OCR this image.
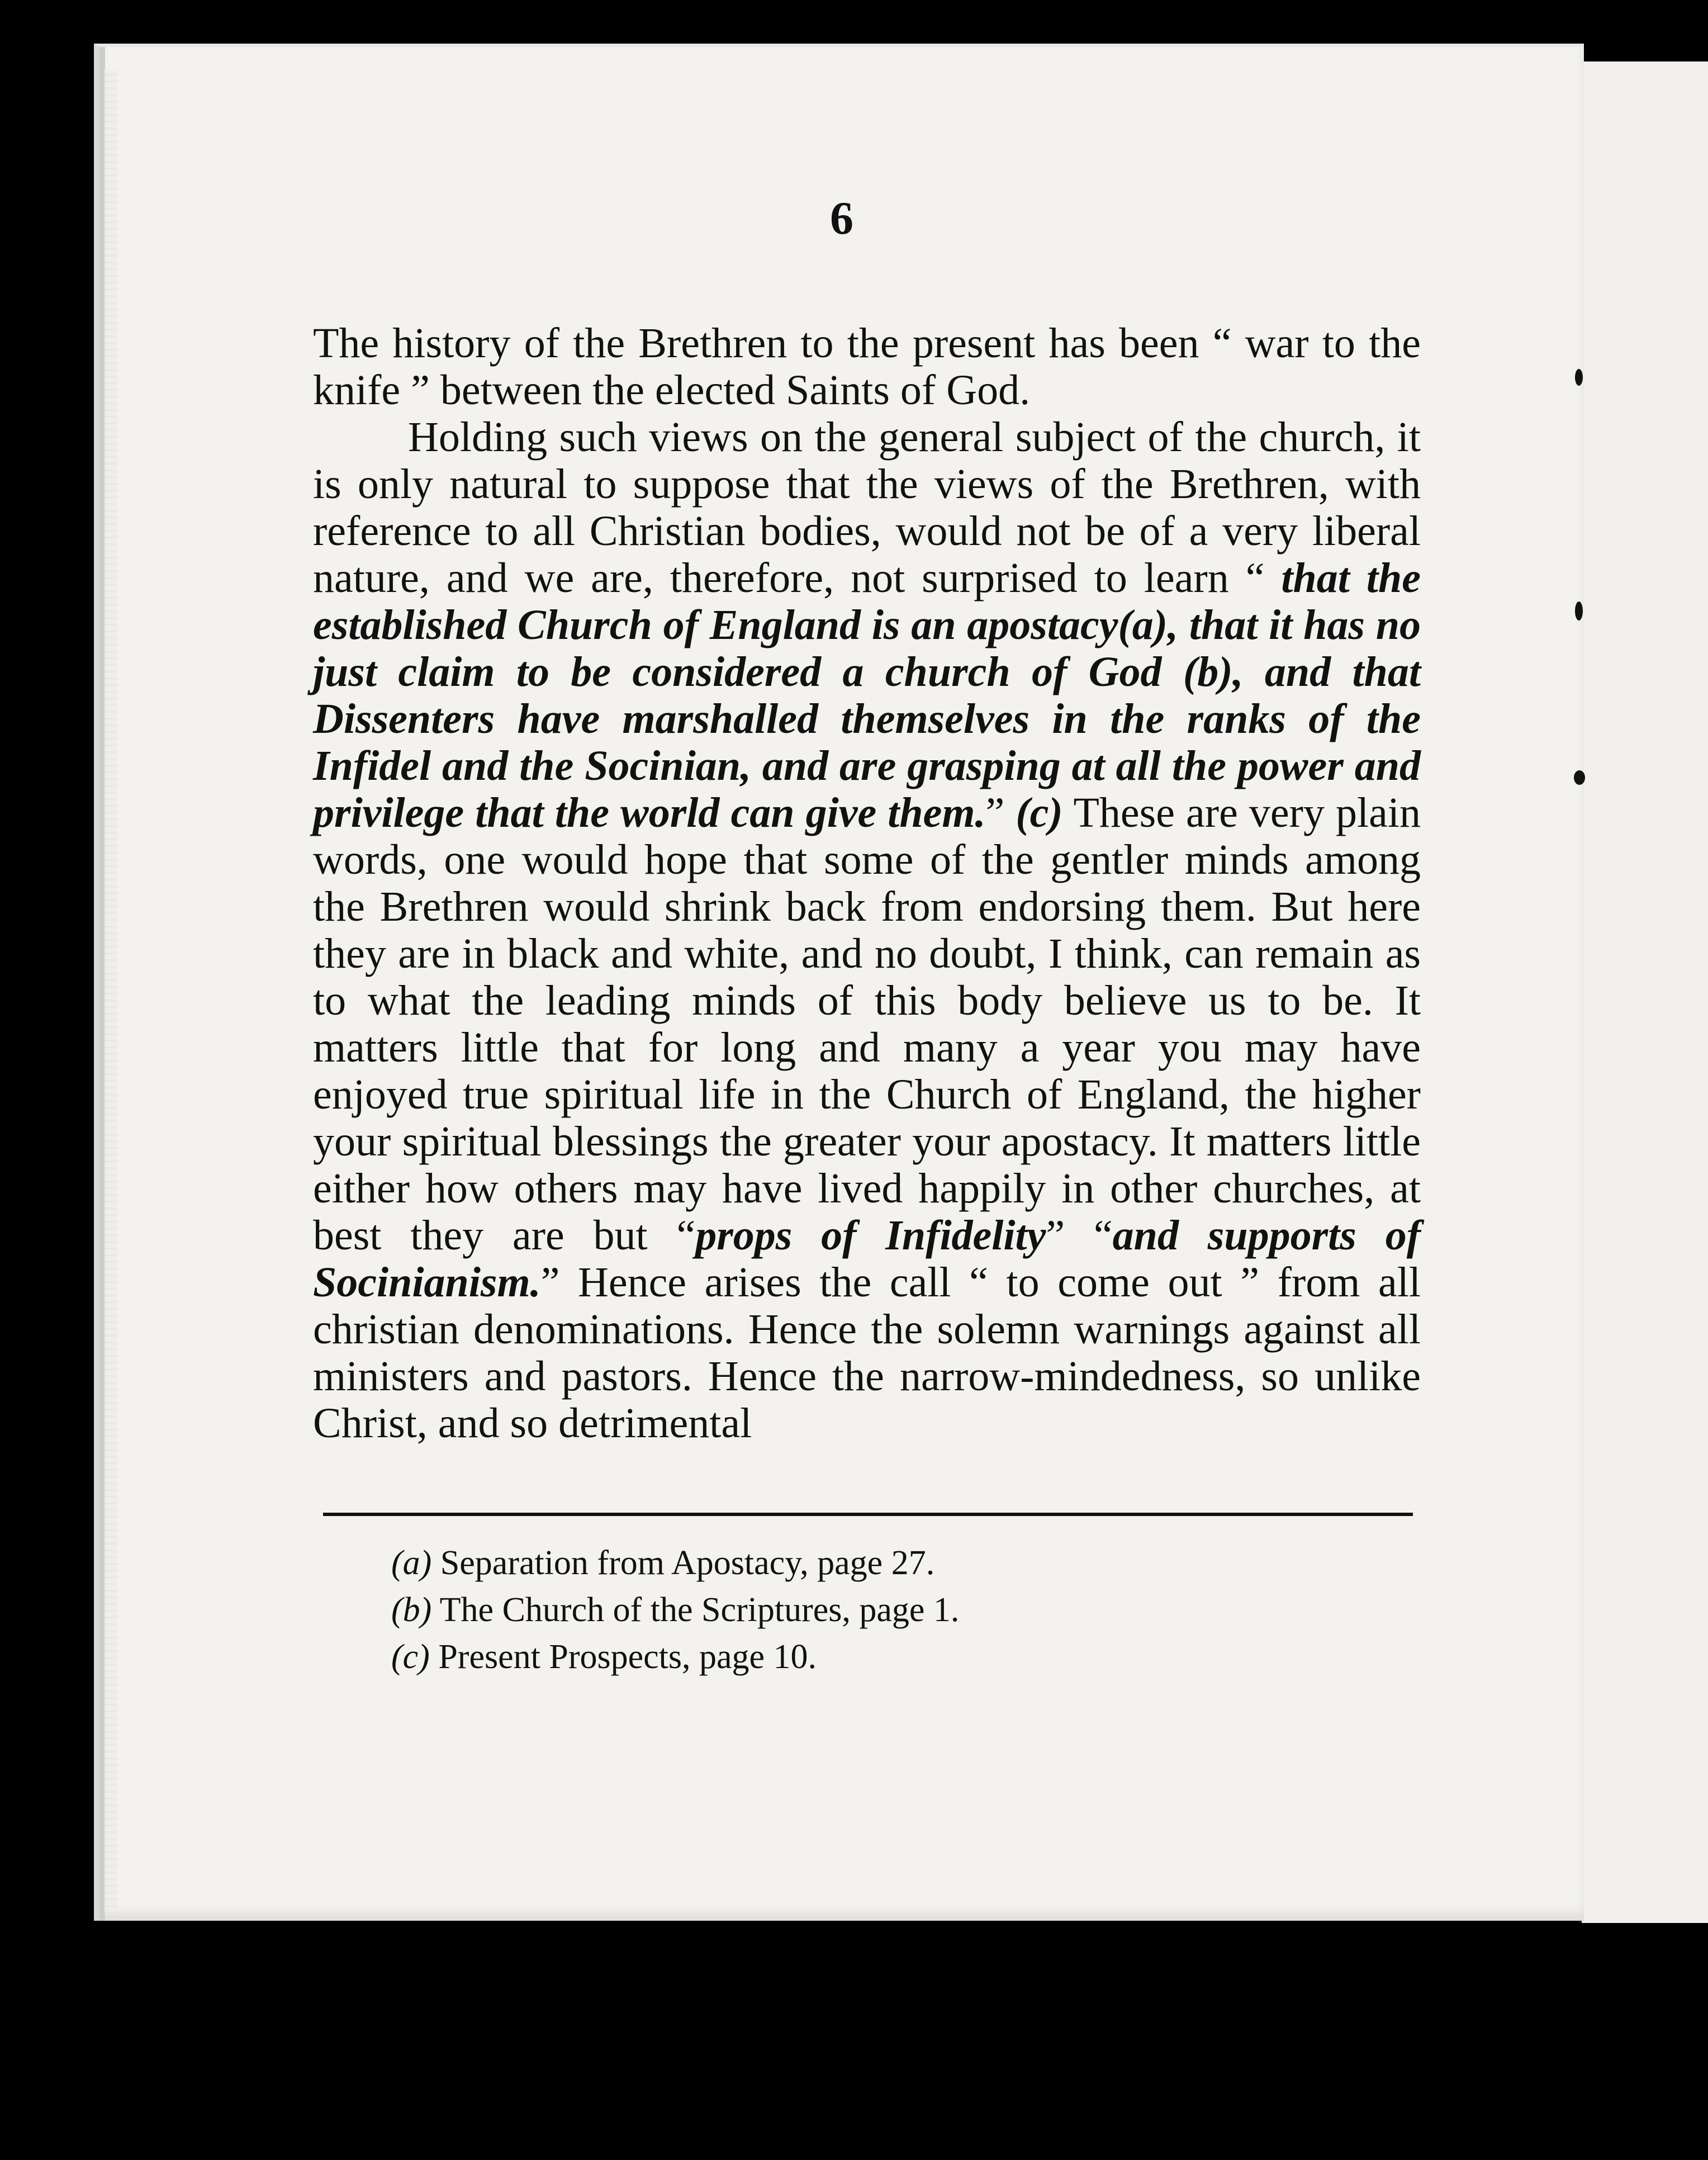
6

The history of the Brethren to the present has been “ war to the knife ” between the elected Saints of God.

Holding such views on the general subject of the church, it is only natural to suppose that the views of the Brethren, with reference to all Christian bodies, would not be of a very liberal nature, and we are, therefore, not surprised to learn “ that the established Church of England is an apostacy(a), that it has no just claim to be considered a church of God (b), and that Dissenters have marshalled themselves in the ranks of the Infidel and the Socinian, and are grasping at all the power and privilege that the world can give them.” (c) These are very plain words, one would hope that some of the gentler minds among the Brethren would shrink back from endorsing them. But here they are in black and white, and no doubt, I think, can remain as to what the leading minds of this body believe us to be. It matters little that for long and many a year you may have enjoyed true spiritual life in the Church of England, the higher your spiritual blessings the greater your apostacy. It matters little either how others may have lived happily in other churches, at best they are but “props of Infidelity” “and supports of Socinianism.” Hence arises the call “ to come out ” from all christian denominations. Hence the solemn warnings against all ministers and pastors. Hence the narrow-mindedness, so unlike Christ, and so detrimental

(a) Separation from Apostacy, page 27.
(b) The Church of the Scriptures, page 1.
(c) Present Prospects, page 10.
